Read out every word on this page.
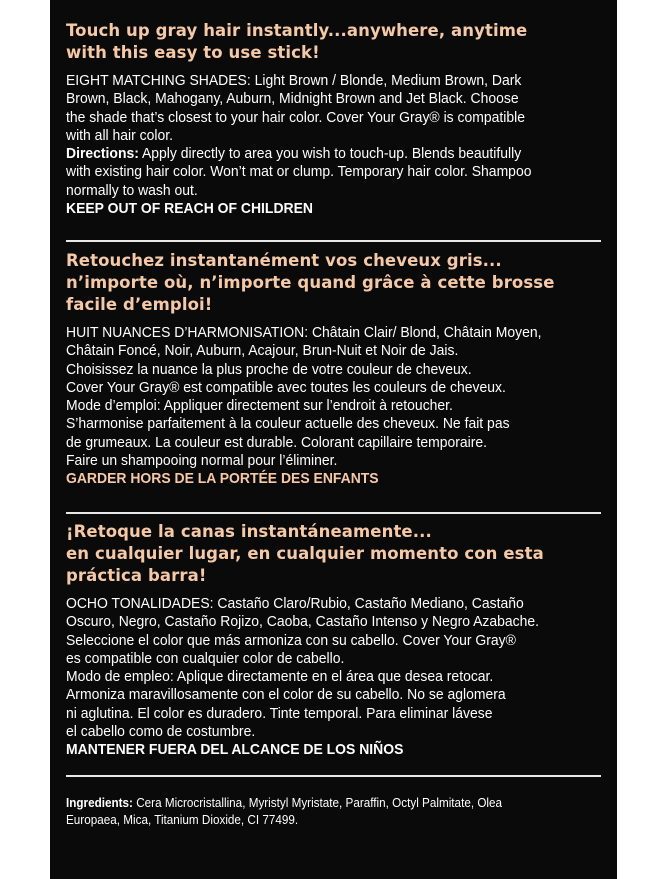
Touch up gray hair instantly...anywhere, anytime
with this easy to use stick!

EIGHT MATCHING SHADES: Light Brown / Blonde, Medium Brown, Dark

Brown, Black, Mahogany, Auburn, Midnight Brown and Jet Black. Choose

the shade that’s closest to your hair color. Cover Your Gray® is compatible

with all hair color.

Directions: Apply directly to area you wish to touch-up. Blends beautifully

with existing hair color. Won’t mat or clump. Temporary hair color. Shampoo

normally to wash out.

KEEP OUT OF REACH OF CHILDREN

Retouchez instantanément vos cheveux gris...
n’importe où, n’importe quand grâce à cette brosse
facile d’emploi!

HUIT NUANCES D’HARMONISATION: Châtain Clair/ Blond, Châtain Moyen,

Châtain Foncé, Noir, Auburn, Acajour, Brun-Nuit et Noir de Jais.

Choisissez la nuance la plus proche de votre couleur de cheveux.

Cover Your Gray® est compatible avec toutes les couleurs de cheveux.

Mode d’emploi: Appliquer directement sur l’endroit à retoucher.

S’harmonise parfaitement à la couleur actuelle des cheveux. Ne fait pas

de grumeaux. La couleur est durable. Colorant capillaire temporaire.

Faire un shampooing normal pour l’éliminer.

GARDER HORS DE LA PORTÉE DES ENFANTS

¡Retoque la canas instantáneamente...
en cualquier lugar, en cualquier momento con esta
práctica barra!

OCHO TONALIDADES: Castaño Claro/Rubio, Castaño Mediano, Castaño

Oscuro, Negro, Castaño Rojizo, Caoba, Castaño Intenso y Negro Azabache.

Seleccione el color que más armoniza con su cabello. Cover Your Gray®

es compatible con cualquier color de cabello.

Modo de empleo: Aplique directamente en el área que desea retocar.

Armoniza maravillosamente con el color de su cabello. No se aglomera

ni aglutina. El color es duradero. Tinte temporal. Para eliminar lávese

el cabello como de costumbre.

MANTENER FUERA DEL ALCANCE DE LOS NIÑOS

Ingredients: Cera Microcristallina, Myristyl Myristate, Paraffin, Octyl Palmitate, Olea
Europaea, Mica, Titanium Dioxide, CI 77499.
